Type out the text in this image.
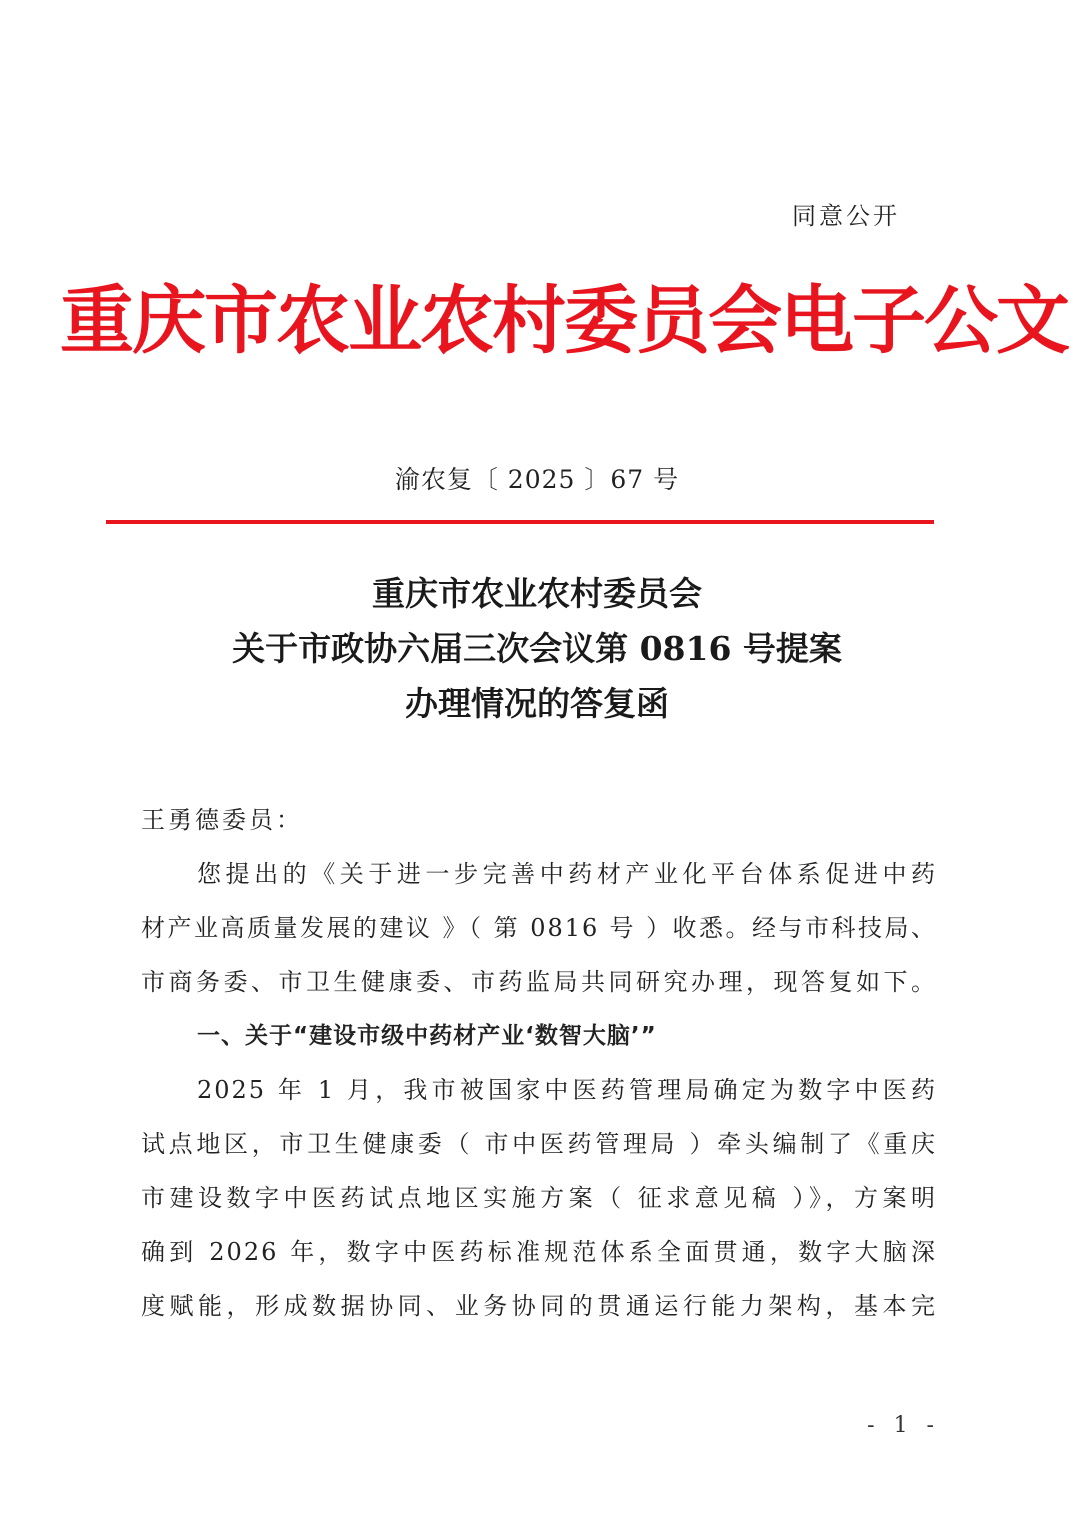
同意公开
重庆市农业农村委员会电子公文
渝农复〔 2025 〕67 号
重庆市农业农村委员会
关于市政协六届三次会议第 0816 号提案
办理情况的答复函
王勇德委员：
您提出的《关于进一步完善中药材产业化平台体系促进中药
材产业高质量发展的建议 》（ 第 0816 号 ）收悉。经与市科技局、
市商务委、市卫生健康委、市药监局共同研究办理，现答复如下。
一、关于“建设市级中药材产业‘数智大脑’”
2025 年 1 月，我市被国家中医药管理局确定为数字中医药
试点地区，市卫生健康委（ 市中医药管理局 ）牵头编制了《重庆
市建设数字中医药试点地区实施方案（ 征求意见稿 ）》，方案明
确到 2026 年，数字中医药标准规范体系全面贯通，数字大脑深
度赋能，形成数据协同、业务协同的贯通运行能力架构，基本完
- 1 -
